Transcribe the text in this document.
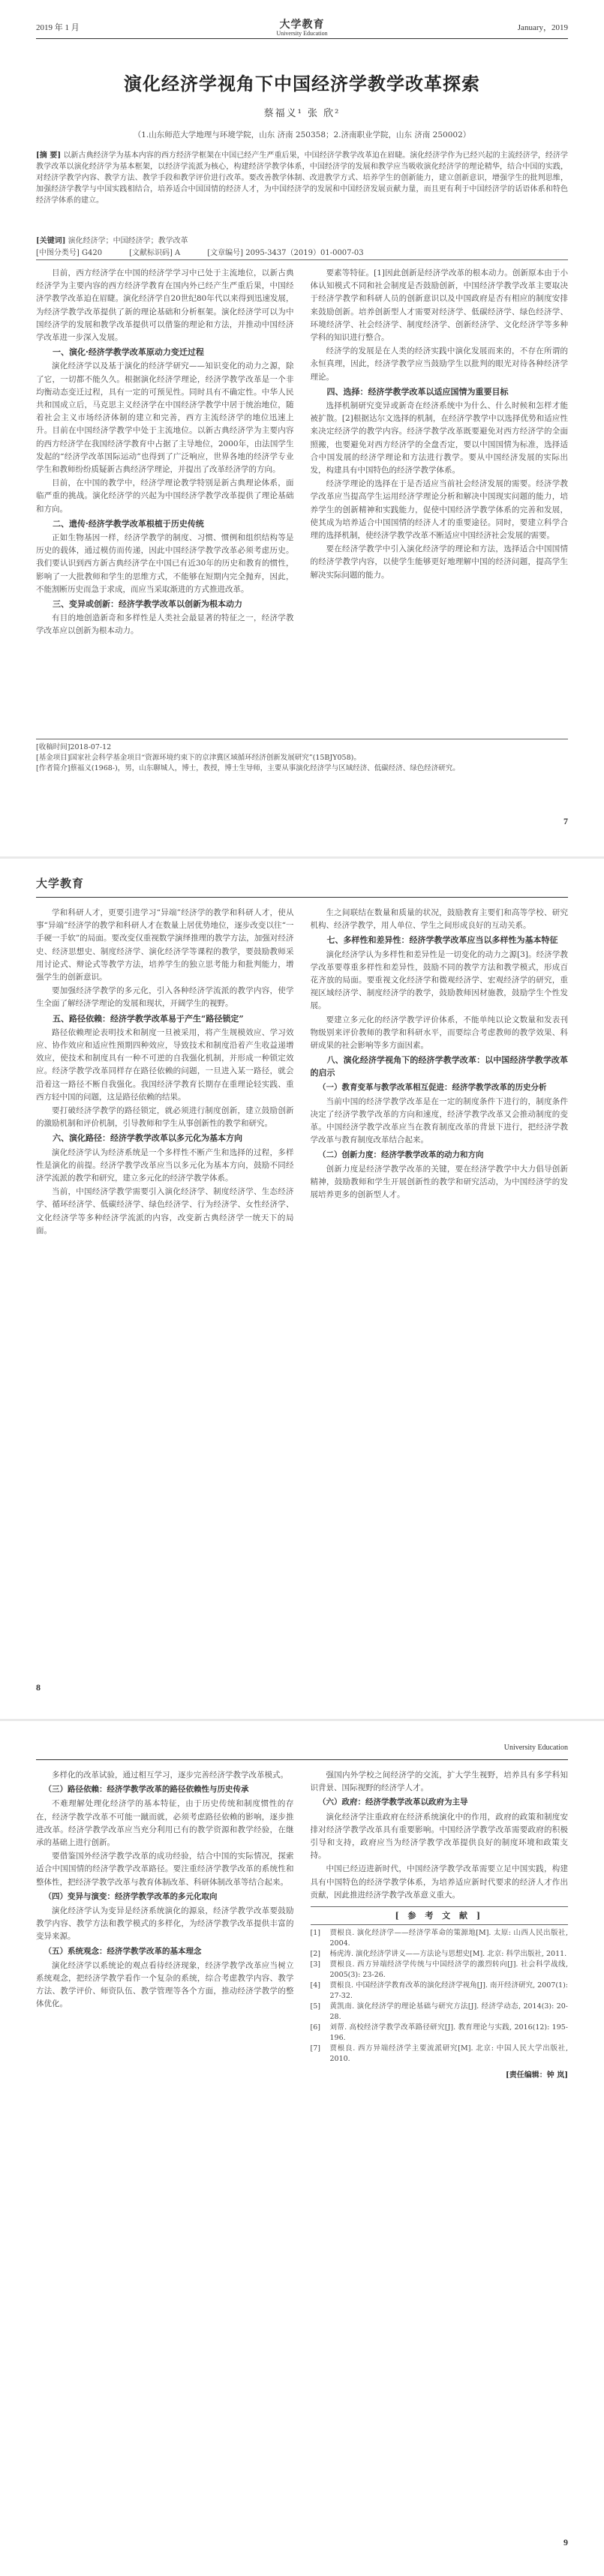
2019 年 1 月	大学教育
University Education
January，2019
演化经济学视角下中国经济学教学改革探索
蔡福义¹ 张 欣²
（1.山东师范大学地理与环境学院，山东 济南 250358；2.济南职业学院，山东 济南 250002）
[摘 要] 以新古典经济学为基本内容的西方经济学框架在中国已经产生严重后果，中国经济学教学改革迫在眉睫。演化经济学作为已经兴起的主流经济学，经济学教学改革以演化经济学为基本框架，以经济学流派为核心，构建经济学教学体系，中国经济学的发展和教学应当吸收演化经济学的理论精华，结合中国的实践，对经济学教学内容、教学方法、教学手段和教学评价进行改革。要改善教学体制、改进教学方式、培养学生的创新能力，建立创新意识，增强学生的批判思维，加强经济学教学与中国实践相结合，培养适合中国国情的经济人才，为中国经济学的发展和中国经济发展贡献力量，而且更有利于中国经济学的话语体系和特色经济学体系的建立。
[关键词] 演化经济学；中国经济学；教学改革
[中图分类号] G420	[文献标识码] A	[文章编号] 2095-3437（2019）01-0007-03

目前，西方经济学在中国的经济学学习中已处于主流地位，以新古典经济学为主要内容的西方经济学教育在国内外已经产生严重后果，中国经济学教学改革迫在眉睫。演化经济学自20世纪80年代以来得到迅速发展，为经济学教学改革提供了新的理论基础和分析框架。演化经济学可以为中国经济学的发展和教学改革提供可以借鉴的理论和方法，并推动中国经济学改革进一步深入发展。

一、演化·经济学教学改革原动力变迁过程

演化经济学以及基于演化的经济学研究——知识变化的动力之源，除了它，一切都不能久久。根据演化经济学理论，经济学教学改革是一个非均衡动态变迁过程，具有一定的可预见性。同时具有不确定性。中华人民共和国成立后，马克思主义经济学在中国经济学教学中居于统治地位，随着社会主义市场经济体制的建立和完善，西方主流经济学的地位迅速上升。目前在中国经济学教学中处于主流地位。以新古典经济学为主要内容的西方经济学在我国经济学教育中占据了主导地位，2000年，由法国学生发起的“经济学改革国际运动”也得到了广泛响应，世界各地的经济学专业学生和教师纷纷质疑新古典经济学理论，并提出了改革经济学的方向。

目前，在中国的教学中，经济学理论教学特别是新古典理论体系，面临严重的挑战。演化经济学的兴起为中国经济学教学改革提供了理论基础和方向。

二、遗传·经济学教学改革根植于历史传统

正如生物基因一样，经济学教学的制度、习惯、惯例和组织结构等是历史的载体，通过模仿而传递，因此中国经济学教学改革必须考虑历史。我们要认识到西方新古典经济学在中国已有近30年的历史和教育的惯性，影响了一大批教师和学生的思维方式，不能够在短期内完全抛弃，因此，不能割断历史而急于求成，而应当采取渐进的方式推进改革。

三、变异或创新：经济学教学改革以创新为根本动力

有目的地创造新奇和多样性是人类社会最显著的特征之一，经济学教学改革应以创新为根本动力。

要素等特征。[1]因此创新是经济学改革的根本动力。创新原本由于小体认知模式不同和社会制度是否鼓励创新，中国经济学教学改革主要取决于经济学教学和科研人员的创新意识以及中国政府是否有相应的制度安排来鼓励创新。培养创新型人才需要对经济学、低碳经济学、绿色经济学、环境经济学、社会经济学、制度经济学、创新经济学、文化经济学等多种学科的知识进行整合。

经济学的发展是在人类的经济实践中演化发展而来的，不存在所谓的永恒真理，因此，经济学教学应当鼓励学生以批判的眼光对待各种经济学理论。

四、选择：经济学教学改革以适应国情为重要目标

选择机制研究变异或新奇在经济系统中为什么、什么时候和怎样才能被扩散。[2]根据达尔文选择的机制，在经济学教学中以选择优势和适应性来决定经济学的教学内容。经济学教学改革既要避免对西方经济学的全面照搬，也要避免对西方经济学的全盘否定，要以中国国情为标准，选择适合中国发展的经济学理论和方法进行教学。要从中国经济发展的实际出发，构建具有中国特色的经济学教学体系。

经济学理论的选择在于是否适应当前社会经济发展的需要。经济学教学改革应当提高学生运用经济学理论分析和解决中国现实问题的能力，培养学生的创新精神和实践能力，促使中国经济学教学体系的完善和发展，使其成为培养适合中国国情的经济人才的重要途径。同时，要建立科学合理的选择机制，使经济学教学改革不断适应中国经济社会发展的需要。

要在经济学教学中引入演化经济学的理论和方法，选择适合中国国情的经济学教学内容，以使学生能够更好地理解中国的经济问题，提高学生解决实际问题的能力。

[收稿时间]2018-07-12
[基金项目]国家社会科学基金项目“资源环境约束下的京津冀区域循环经济创新发展研究”(15BJY058)。
[作者简介]蔡福义(1968-)，男，山东聊城人，博士，教授，博士生导师，主要从事演化经济学与区域经济、低碳经济、绿色经济研究。
7
大学教育

学和科研人才，更要引进学习“异端”经济学的教学和科研人才，使从事“异端”经济学的教学和科研人才在数量上居优势地位，逐步改变以往“一手硬一手软”的局面。要改变仅重视数学演绎推理的教学方法，加强对经济史、经济思想史、制度经济学、演化经济学等课程的教学，要鼓励教师采用讨论式、辩论式等教学方法，培养学生的独立思考能力和批判能力，增强学生的创新意识。

要加强经济学教学的多元化，引入各种经济学流派的教学内容，使学生全面了解经济学理论的发展和现状，开阔学生的视野。

五、路径依赖：经济学教学改革易于产生“路径锁定”

路径依赖理论表明技术和制度一旦被采用，将产生规模效应、学习效应、协作效应和适应性预期四种效应，导致技术和制度沿着产生收益递增效应，使技术和制度具有一种不可逆的自我强化机制，并形成一种锁定效应。经济学教学改革同样存在路径依赖的问题，一旦进入某一路径，就会沿着这一路径不断自我强化。我国经济学教育长期存在重理论轻实践、重西方轻中国的问题，这是路径依赖的结果。

要打破经济学教学的路径锁定，就必须进行制度创新，建立鼓励创新的激励机制和评价机制，引导教师和学生从事创新性的教学和研究。

六、演化路径：经济学教学改革以多元化为基本方向

演化经济学认为经济系统是一个多样性不断产生和选择的过程，多样性是演化的前提。经济学教学改革应当以多元化为基本方向，鼓励不同经济学流派的教学和研究，建立多元化的经济学教学体系。

当前，中国经济学教学需要引入演化经济学、制度经济学、生态经济学、循环经济学、低碳经济学、绿色经济学、行为经济学、女性经济学、文化经济学等多种经济学流派的内容，改变新古典经济学一统天下的局面。

生之间联结在数量和质量的状况，鼓励教育主要们和高等学校、研究机构、经济学教学，用人单位、学生之间形成良好的互动关系。

七、多样性和差异性：经济学教学改革应当以多样性为基本特征

演化经济学认为多样性和差异性是一切变化的动力之源[3]。经济学教学改革要尊重多样性和差异性，鼓励不同的教学方法和教学模式，形成百花齐放的局面。要重视文化经济学和微观经济学、宏观经济学的研究，重视区域经济学、制度经济学的教学，鼓励教师因材施教，鼓励学生个性发展。

要建立多元化的经济学教学评价体系，不能单纯以论文数量和发表刊物级别来评价教师的教学和科研水平，而要综合考虑教师的教学效果、科研成果的社会影响等多方面因素。

八、演化经济学视角下的经济学教学改革：以中国经济学教学改革的启示
（一）教育变革与教学改革相互促进：经济学教学改革的历史分析

当前中国的经济学教学改革是在一定的制度条件下进行的，制度条件决定了经济学教学改革的方向和速度，经济学教学改革又会推动制度的变革。中国经济学教学改革应当在教育制度改革的背景下进行，把经济学教学改革与教育制度改革结合起来。

（二）创新力度：经济学教学改革的动力和方向

创新力度是经济学教学改革的关键，要在经济学教学中大力倡导创新精神，鼓励教师和学生开展创新性的教学和研究活动，为中国经济学的发展培养更多的创新型人才。

8
University Education

多样化的改革试验，通过相互学习，逐步完善经济学教学改革模式。

（三）路径依赖：经济学教学改革的路径依赖性与历史传承

不难理解处理化经济学的基本特征，由于历史传统和制度惯性的存在，经济学教学改革不可能一蹴而就，必须考虑路径依赖的影响，逐步推进改革。经济学教学改革应当充分利用已有的教学资源和教学经验，在继承的基础上进行创新。

要借鉴国外经济学教学改革的成功经验，结合中国的实际情况，探索适合中国国情的经济学教学改革路径。要注重经济学教学改革的系统性和整体性，把经济学教学改革与教育体制改革、科研体制改革等结合起来。

（四）变异与演变：经济学教学改革的多元化取向

演化经济学认为变异是经济系统演化的源泉，经济学教学改革要鼓励教学内容、教学方法和教学模式的多样化，为经济学教学改革提供丰富的变异来源。

（五）系统观念：经济学教学改革的基本理念

演化经济学以系统论的观点看待经济现象，经济学教学改革应当树立系统观念，把经济学教学看作一个复杂的系统，综合考虑教学内容、教学方法、教学评价、师资队伍、教学管理等各个方面，推动经济学教学的整体优化。

强国内外学校之间经济学的交流，扩大学生视野，培养具有多学科知识背景、国际视野的经济学人才。

（六）政府：经济学教学改革以政府为主导

演化经济学注重政府在经济系统演化中的作用，政府的政策和制度安排对经济学教学改革具有重要影响。中国经济学教学改革需要政府的积极引导和支持，政府应当为经济学教学改革提供良好的制度环境和政策支持。

中国已经迈进新时代，中国经济学教学改革需要立足中国实践，构建具有中国特色的经济学教学体系，为培养适应新时代要求的经济人才作出贡献，因此推进经济学教学改革意义重大。

[ 参 考 文 献 ]
[1]	贾根良. 演化经济学——经济学革命的策源地[M]. 太原: 山西人民出版社, 2004.
[2]	杨虎涛. 演化经济学讲义——方法论与思想史[M]. 北京: 科学出版社, 2011.
[3]	贾根良. 西方异端经济学传统与中国经济学的激烈转向[J]. 社会科学战线, 2005(3): 23-26.
[4]	贾根良. 中国经济学教育改革的演化经济学视角[J]. 南开经济研究, 2007(1): 27-32.
[5]	黄凯南. 演化经济学的理论基础与研究方法[J]. 经济学动态, 2014(3): 20-28.
[6]	刘帮. 高校经济学教学改革路径研究[J]. 教育理论与实践, 2016(12): 195-196.
[7]	贾根良. 西方异端经济学主要流派研究[M]. 北京: 中国人民大学出版社, 2010.
[责任编辑：钟 岚]
9
